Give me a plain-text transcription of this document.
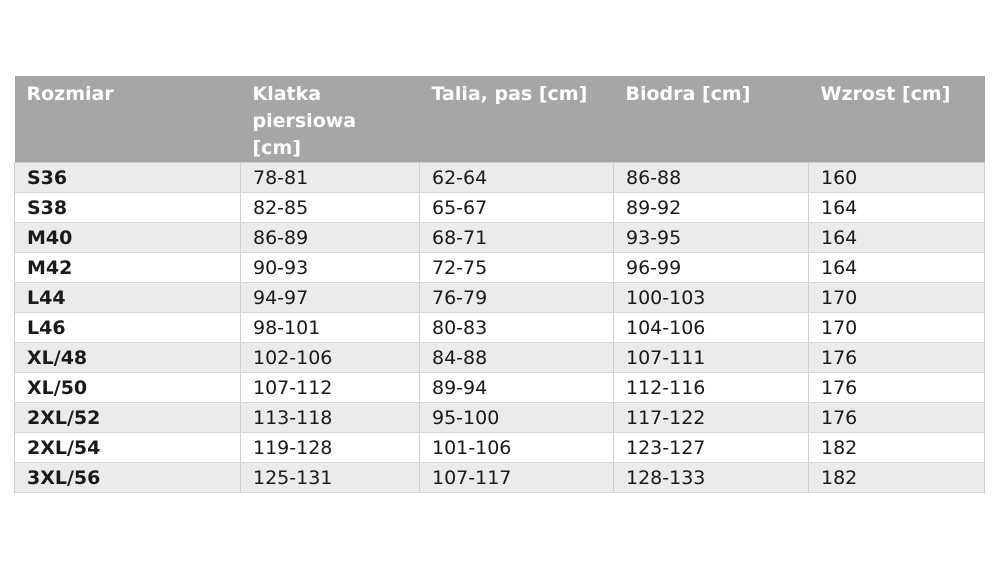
Rozmiar	Klatka piersiowa [cm]	Talia, pas [cm]	Biodra [cm]	Wzrost [cm]
S36	78-81	62-64	86-88	160
S38	82-85	65-67	89-92	164
M40	86-89	68-71	93-95	164
M42	90-93	72-75	96-99	164
L44	94-97	76-79	100-103	170
L46	98-101	80-83	104-106	170
XL/48	102-106	84-88	107-111	176
XL/50	107-112	89-94	112-116	176
2XL/52	113-118	95-100	117-122	176
2XL/54	119-128	101-106	123-127	182
3XL/56	125-131	107-117	128-133	182
